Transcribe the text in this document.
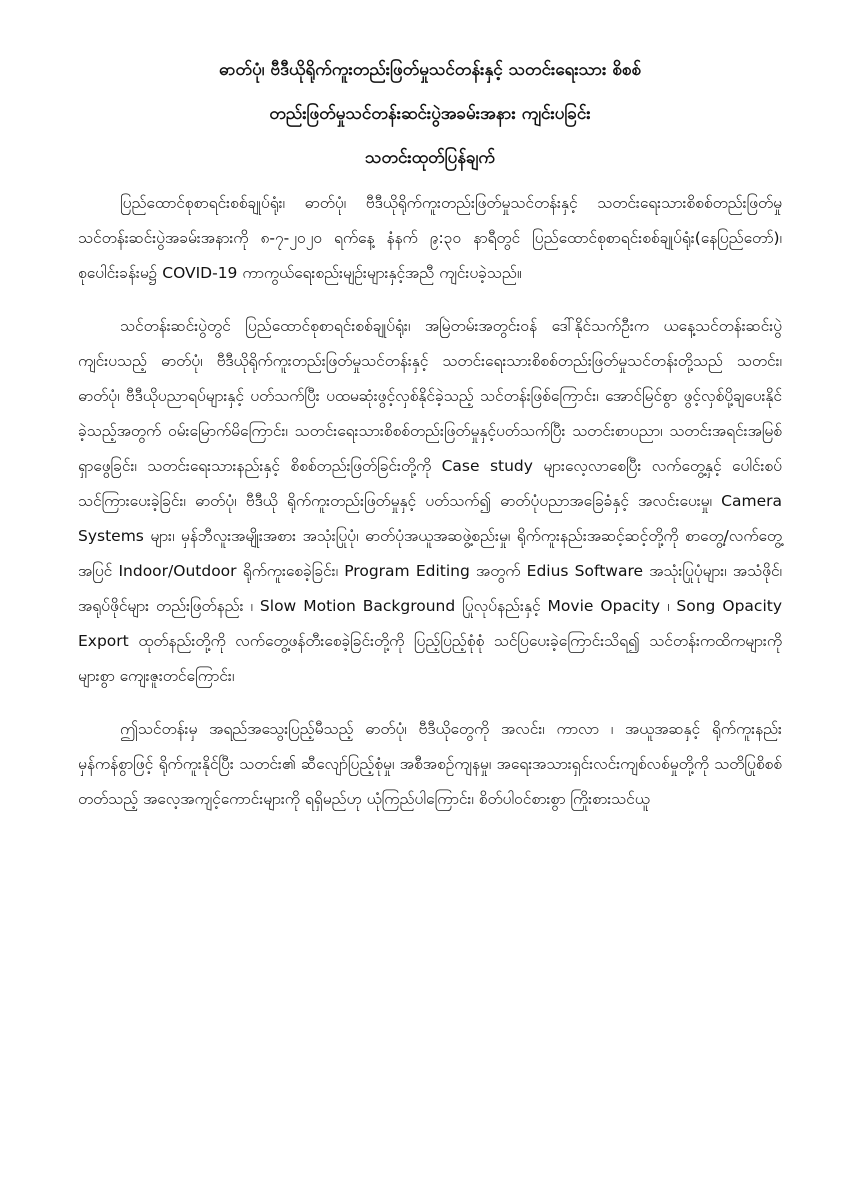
ဓာတ်ပုံ၊ ဗီဒီယိုရိုက်ကူးတည်းဖြတ်မှုသင်တန်းနှင့် သတင်းရေးသား စိစစ်
တည်းဖြတ်မှုသင်တန်းဆင်းပွဲအခမ်းအနား ကျင်းပခြင်း
သတင်းထုတ်ပြန်ချက်

ပြည်ထောင်စုစာရင်းစစ်ချုပ်ရုံး၊ ဓာတ်ပုံ၊ ဗီဒီယိုရိုက်ကူးတည်းဖြတ်မှုသင်တန်းနှင့် သတင်းရေးသားစိစစ်တည်းဖြတ်မှုသင်တန်းဆင်းပွဲအခမ်းအနားကို ၈-၇-၂၀၂၀ ရက်နေ့ နံနက် ၉:၃၀ နာရီတွင် ပြည်ထောင်စုစာရင်းစစ်ချုပ်ရုံး(နေပြည်တော်)၊ စုပေါင်းခန်းမ၌ COVID-19 ကာကွယ်ရေးစည်းမျဉ်းများနှင့်အညီ ကျင်းပခဲ့သည်။

သင်တန်းဆင်းပွဲတွင် ပြည်ထောင်စုစာရင်းစစ်ချုပ်ရုံး၊ အမြဲတမ်းအတွင်းဝန် ဒေါ်နိုင်သက်ဦးက ယနေ့သင်တန်းဆင်းပွဲကျင်းပသည့် ဓာတ်ပုံ၊ ဗီဒီယိုရိုက်ကူးတည်းဖြတ်မှုသင်တန်းနှင့် သတင်းရေးသားစိစစ်တည်းဖြတ်မှုသင်တန်းတို့သည် သတင်း၊ ဓာတ်ပုံ၊ ဗီဒီယိုပညာရပ်များနှင့် ပတ်သက်ပြီး ပထမဆုံးဖွင့်လှစ်နိုင်ခဲ့သည့် သင်တန်းဖြစ်ကြောင်း၊ အောင်မြင်စွာ ဖွင့်လှစ်ပို့ချပေးနိုင်ခဲ့သည့်အတွက် ဝမ်းမြောက်မိကြောင်း၊ သတင်းရေးသားစိစစ်တည်းဖြတ်မှုနှင့်ပတ်သက်ပြီး သတင်းစာပညာ၊ သတင်းအရင်းအမြစ်ရှာဖွေခြင်း၊ သတင်းရေးသားနည်းနှင့် စိစစ်တည်းဖြတ်ခြင်းတို့ကို Case study များလေ့လာစေပြီး လက်တွေ့နှင့် ပေါင်းစပ်သင်ကြားပေးခဲ့ခြင်း၊ ဓာတ်ပုံ၊ ဗီဒီယို ရိုက်ကူးတည်းဖြတ်မှုနှင့် ပတ်သက်၍ ဓာတ်ပုံပညာအခြေခံနှင့် အလင်းပေးမှု၊ Camera Systems များ၊ မှန်ဘီလူးအမျိုးအစား အသုံးပြုပုံ၊ ဓာတ်ပုံအယူအဆဖွဲ့စည်းမှု၊ ရိုက်ကူးနည်းအဆင့်ဆင့်တို့ကို စာတွေ့/လက်တွေ့ အပြင် Indoor/Outdoor ရိုက်ကူးစေခဲ့ခြင်း၊ Program Editing အတွက် Edius Software အသုံးပြုပုံများ၊ အသံဖိုင်၊ အရုပ်ဖိုင်များ တည်းဖြတ်နည်း ၊ Slow Motion Background ပြုလုပ်နည်းနှင့် Movie Opacity ၊ Song Opacity Export ထုတ်နည်းတို့ကို လက်တွေ့ဖန်တီးစေခဲ့ခြင်းတို့ကို ပြည့်ပြည့်စုံစုံ သင်ပြပေးခဲ့ကြောင်းသိရ၍ သင်တန်းကထိကများကို များစွာ ကျေးဇူးတင်ကြောင်း၊

ဤသင်တန်းမှ အရည်အသွေးပြည့်မီသည့် ဓာတ်ပုံ၊ ဗီဒီယိုတွေကို အလင်း၊ ကာလာ ၊ အယူအဆနှင့် ရိုက်ကူးနည်းမှန်ကန်စွာဖြင့် ရိုက်ကူးနိုင်ပြီး သတင်း၏ ဆီလျော်ပြည့်စုံမှု၊ အစီအစဉ်ကျနမှု၊ အရေးအသားရှင်းလင်းကျစ်လစ်မှုတို့ကို သတိပြုစိစစ်တတ်သည့် အလေ့အကျင့်ကောင်းများကို ရရှိမည်ဟု ယုံကြည်ပါကြောင်း၊ စိတ်ပါဝင်စားစွာ ကြိုးစားသင်ယူ
